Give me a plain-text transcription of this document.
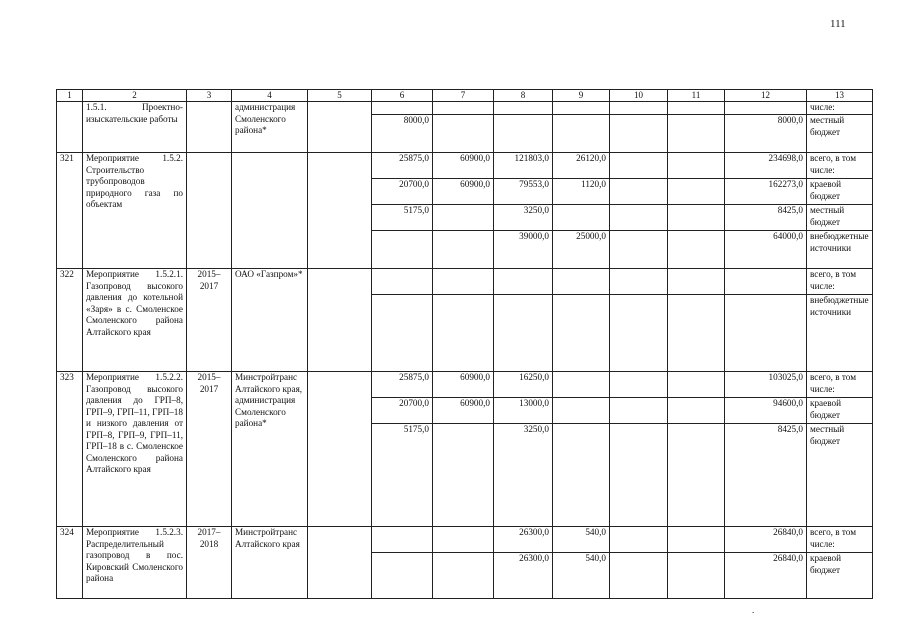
111
1	2	3	4	5	6	7	8	9	10	11	12	13
	1.5.1. Проектно-изыскательские работы		администрация Смоленского района*									числе:
					8000,0						8000,0	местный бюджет
321	Мероприятие 1.5.2. Строительство трубопроводов природного газа по объектам				25875,0	60900,0	121803,0	26120,0			234698,0	всего, в том числе:
					20700,0	60900,0	79553,0	1120,0			162273,0	краевой бюджет
					5175,0		3250,0				8425,0	местный бюджет
							39000,0	25000,0			64000,0	внебюджетные источники
322	Мероприятие 1.5.2.1. Газопровод высокого давления до котельной «Заря» в с. Смоленское Смоленского района Алтайского края	2015–2017	ОАО «Газпром»*									всего, в том числе:
												внебюджетные источники
323	Мероприятие 1.5.2.2. Газопровод высокого давления до ГРП–8, ГРП–9, ГРП–11, ГРП–18 и низкого давления от ГРП–8, ГРП–9, ГРП–11, ГРП–18 в с. Смоленское Смоленского района Алтайского края	2015–2017	Минстройтранс Алтайского края, администрация Смоленского района*		25875,0	60900,0	16250,0				103025,0	всего, в том числе:
					20700,0	60900,0	13000,0				94600,0	краевой бюджет
					5175,0		3250,0				8425,0	местный бюджет
324	Мероприятие 1.5.2.3. Распределительный газопровод в пос. Кировский Смоленского района	2017–2018	Минстройтранс Алтайского края				26300,0	540,0			26840,0	всего, в том числе:
							26300,0	540,0			26840,0	краевой бюджет
.
